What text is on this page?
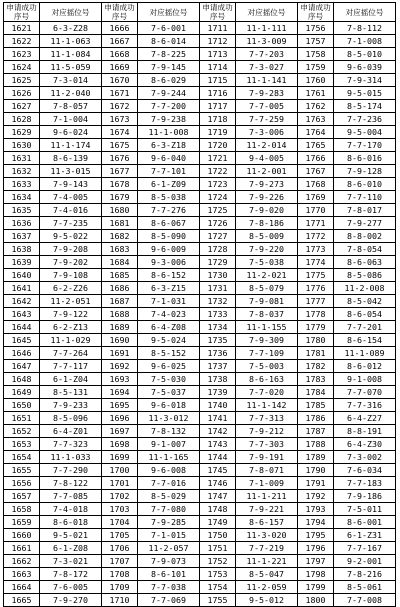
申请成功序号	对应摇位号	申请成功序号	对应摇位号	申请成功序号	对应摇位号	申请成功序号	对应摇位号
1621	6-3-Z28	1666	7-6-001	1711	11-1-111	1756	7-8-112
1622	11-1-063	1667	8-6-014	1712	11-3-009	1757	7-1-008
1623	11-1-084	1668	7-8-225	1713	7-7-203	1758	8-5-010
1624	11-5-059	1669	7-9-145	1714	7-3-027	1759	9-6-039
1625	7-3-014	1670	8-6-029	1715	11-1-141	1760	7-9-314
1626	11-2-040	1671	7-9-244	1716	7-9-283	1761	9-5-015
1627	7-8-057	1672	7-7-200	1717	7-7-005	1762	8-5-174
1628	7-1-004	1673	7-9-238	1718	7-7-259	1763	7-7-236
1629	9-6-024	1674	11-1-008	1719	7-3-006	1764	9-5-004
1630	11-1-174	1675	6-3-Z18	1720	11-2-014	1765	7-7-170
1631	8-6-139	1676	9-6-040	1721	9-4-005	1766	8-6-016
1632	11-3-015	1677	7-7-101	1722	11-2-001	1767	7-9-128
1633	7-9-143	1678	6-1-Z09	1723	7-9-273	1768	8-6-010
1634	7-4-005	1679	8-5-038	1724	7-9-226	1769	7-7-110
1635	7-4-016	1680	7-7-276	1725	7-9-020	1770	7-8-017
1636	7-7-235	1681	8-6-067	1726	7-8-186	1771	7-9-277
1637	9-5-022	1682	8-5-090	1727	8-5-009	1772	8-8-002
1638	7-9-208	1683	9-6-009	1728	7-9-220	1773	7-8-054
1639	7-9-202	1684	9-3-006	1729	7-5-038	1774	8-6-063
1640	7-9-108	1685	8-6-152	1730	11-2-021	1775	8-5-086
1641	6-2-Z26	1686	6-3-Z15	1731	8-5-079	1776	11-2-008
1642	11-2-051	1687	7-1-031	1732	7-9-081	1777	8-5-042
1643	7-9-122	1688	7-4-023	1733	7-8-037	1778	8-6-054
1644	6-2-Z13	1689	6-4-Z08	1734	11-1-155	1779	7-7-201
1645	11-1-029	1690	9-5-024	1735	7-9-309	1780	8-6-154
1646	7-7-264	1691	8-5-152	1736	7-7-109	1781	11-1-089
1647	7-7-117	1692	9-6-025	1737	7-5-003	1782	8-6-012
1648	6-1-Z04	1693	7-5-030	1738	8-6-163	1783	9-1-008
1649	8-5-131	1694	7-5-037	1739	7-7-020	1784	7-7-070
1650	7-9-233	1695	9-6-018	1740	11-1-142	1785	7-7-316
1651	8-5-096	1696	11-3-012	1741	7-7-313	1786	6-4-Z27
1652	6-4-Z01	1697	7-8-132	1742	7-9-212	1787	8-8-191
1653	7-7-323	1698	9-1-007	1743	7-7-303	1788	6-4-Z30
1654	11-1-033	1699	11-1-165	1744	7-9-191	1789	7-3-002
1655	7-7-290	1700	9-6-008	1745	7-8-071	1790	7-6-034
1656	7-8-122	1701	7-7-016	1746	7-1-009	1791	7-7-183
1657	7-7-085	1702	8-5-029	1747	11-1-211	1792	7-9-186
1658	7-4-018	1703	7-7-080	1748	7-9-221	1793	7-5-011
1659	8-6-018	1704	7-9-285	1749	8-6-157	1794	8-6-001
1660	9-5-021	1705	7-1-015	1750	11-3-020	1795	6-1-Z31
1661	6-1-Z08	1706	11-2-057	1751	7-7-219	1796	7-7-167
1662	7-3-021	1707	7-9-073	1752	11-1-221	1797	9-2-001
1663	7-8-172	1708	8-6-101	1753	8-5-047	1798	7-8-216
1664	7-6-005	1709	7-7-038	1754	11-2-059	1799	8-5-061
1665	7-9-270	1710	7-7-069	1755	9-5-012	1800	7-7-008
